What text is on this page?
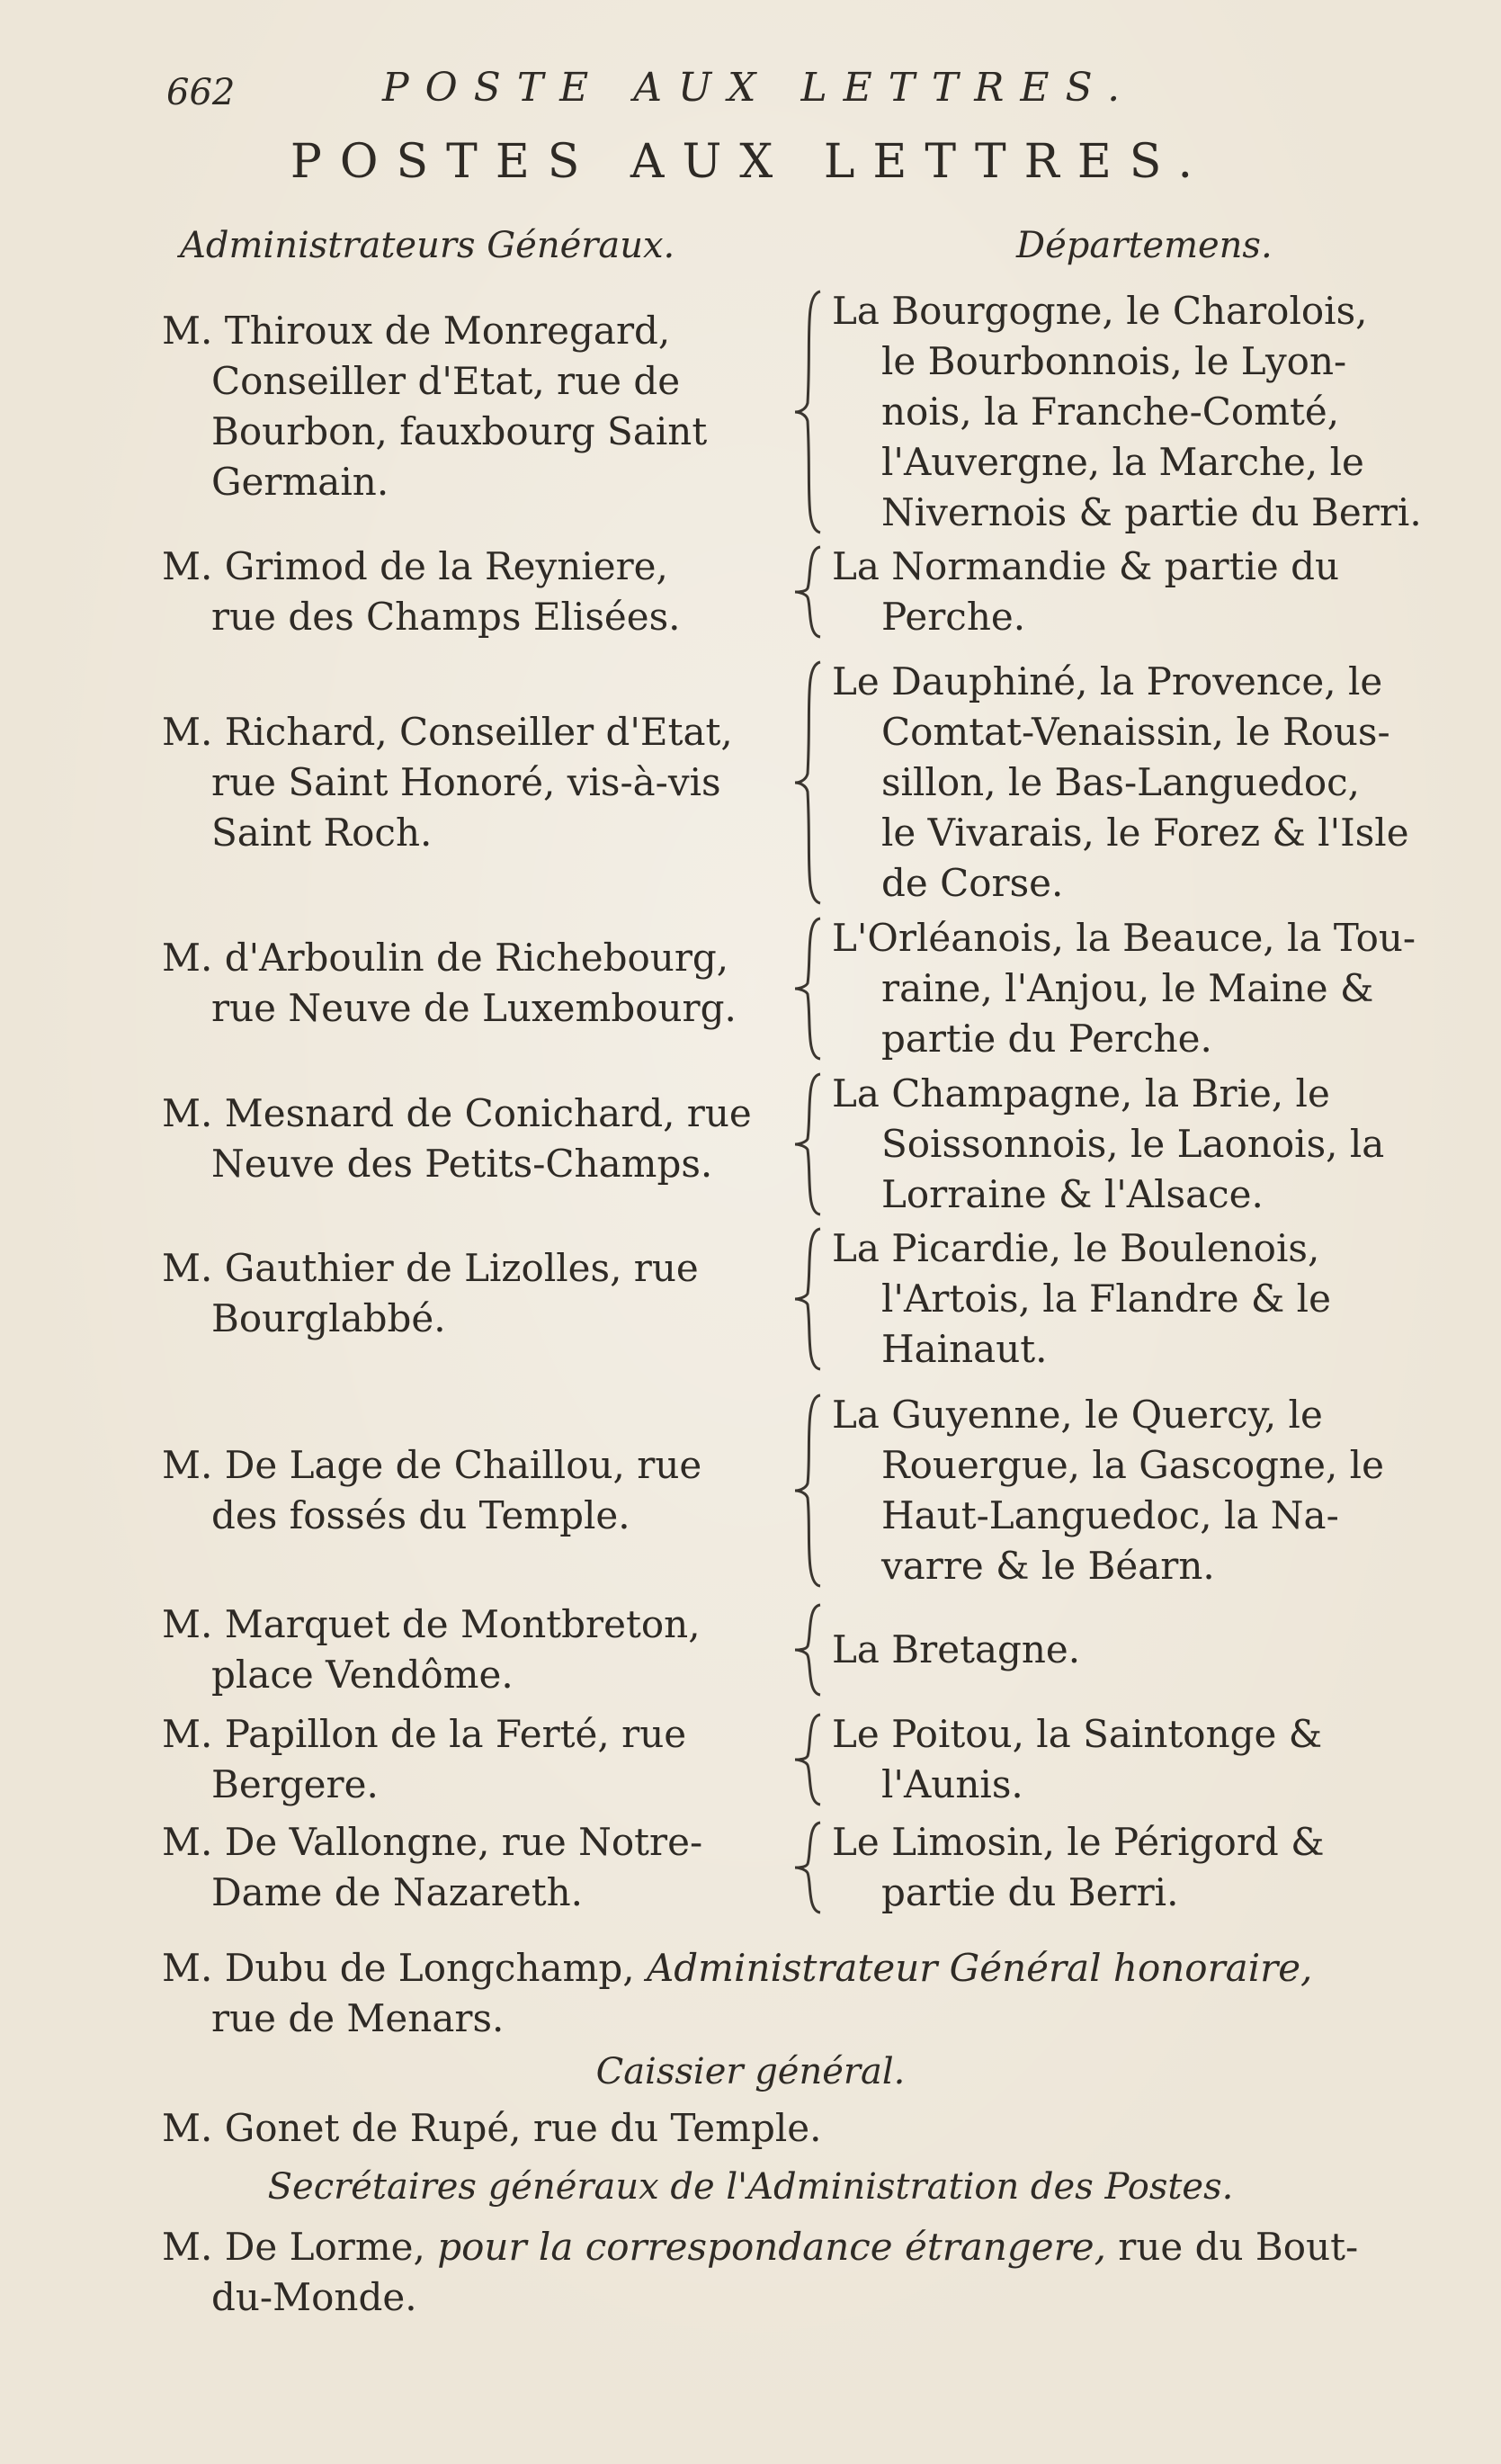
662	POSTE AUX LETTRES.
POSTES AUX LETTRES.
Administrateurs Généraux.	Départemens.
M. Thiroux de Monregard,
Conseiller d'Etat, rue de
Bourbon, fauxbourg Saint
Germain.
La Bourgogne, le Charolois,
le Bourbonnois, le Lyon-
nois, la Franche-Comté,
l'Auvergne, la Marche, le
Nivernois & partie du Berri.
M. Grimod de la Reyniere,
rue des Champs Elisées.
La Normandie & partie du
Perche.
M. Richard, Conseiller d'Etat,
rue Saint Honoré, vis-à-vis
Saint Roch.
Le Dauphiné, la Provence, le
Comtat-Venaissin, le Rous-
sillon, le Bas-Languedoc,
le Vivarais, le Forez & l'Isle
de Corse.
M. d'Arboulin de Richebourg,
rue Neuve de Luxembourg.
L'Orléanois, la Beauce, la Tou-
raine, l'Anjou, le Maine &
partie du Perche.
M. Mesnard de Conichard, rue
Neuve des Petits-Champs.
La Champagne, la Brie, le
Soissonnois, le Laonois, la
Lorraine & l'Alsace.
M. Gauthier de Lizolles, rue
Bourglabbé.
La Picardie, le Boulenois,
l'Artois, la Flandre & le
Hainaut.
M. De Lage de Chaillou, rue
des fossés du Temple.
La Guyenne, le Quercy, le
Rouergue, la Gascogne, le
Haut-Languedoc, la Na-
varre & le Béarn.
M. Marquet de Montbreton,
place Vendôme.
La Bretagne.
M. Papillon de la Ferté, rue
Bergere.
Le Poitou, la Saintonge &
l'Aunis.
M. De Vallongne, rue Notre-
Dame de Nazareth.
Le Limosin, le Périgord &
partie du Berri.
M. Dubu de Longchamp, Administrateur Général honoraire,
rue de Menars.
Caissier général.
M. Gonet de Rupé, rue du Temple.
Secrétaires généraux de l'Administration des Postes.
M. De Lorme, pour la correspondance étrangere, rue du Bout-
du-Monde.
